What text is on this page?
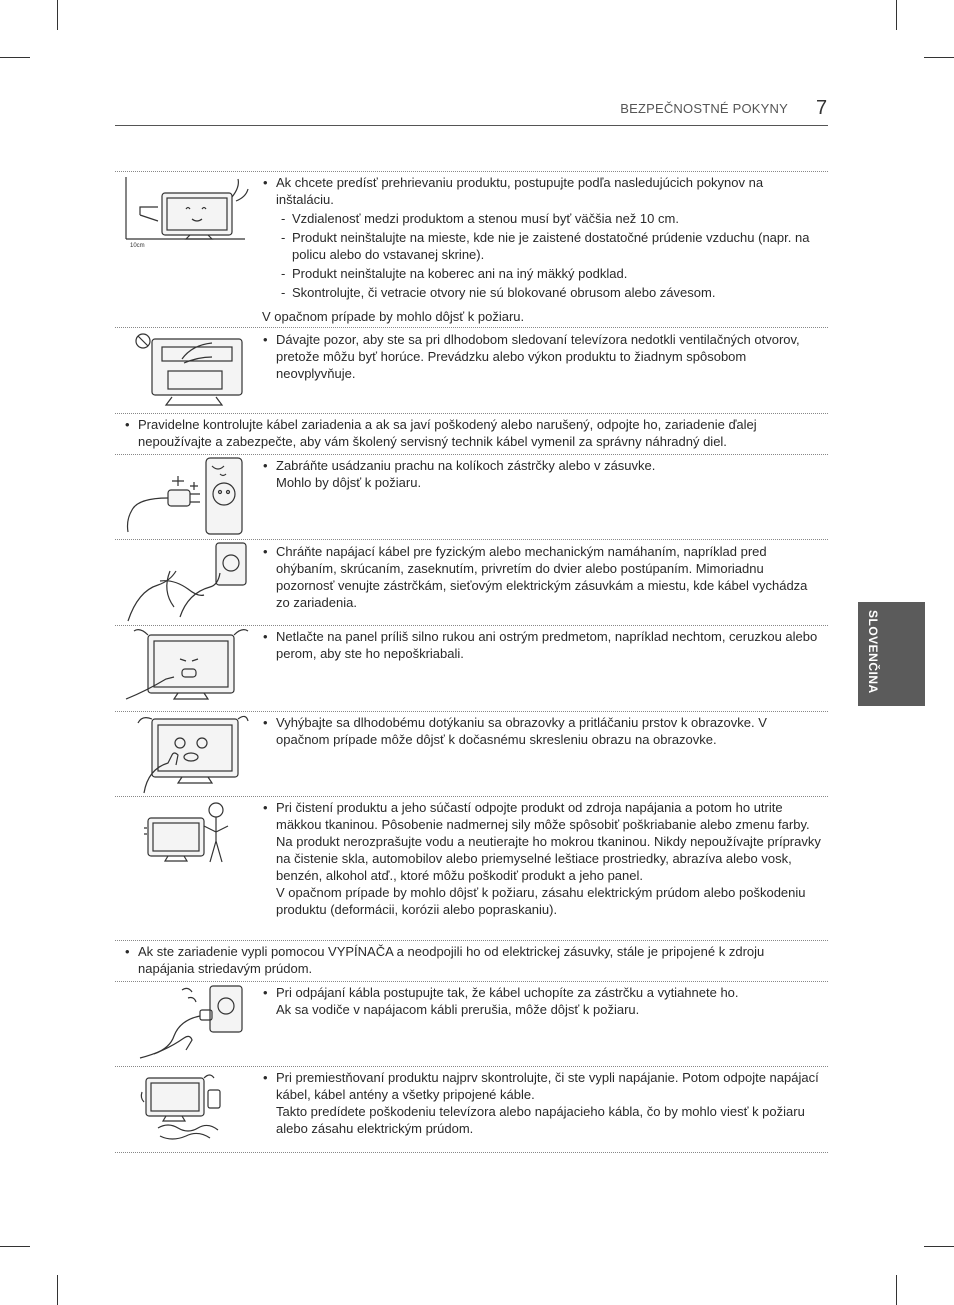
BEZPEČNOSTNÉ POKYNY 7
SLOVENČINA
10cm

• Ak chcete predísť prehrievaniu produktu, postupujte podľa nasledujúcich pokynov na inštaláciu.

- Vzdialenosť medzi produktom a stenou musí byť väčšia než 10 cm.
- Produkt neinštalujte na mieste, kde nie je zaistené dostatočné prúdenie vzduchu (napr. na policu alebo do vstavanej skrine).
- Produkt neinštalujte na koberec ani na iný mäkký podklad.
- Skontrolujte, či vetracie otvory nie sú blokované obrusom alebo závesom.
V opačnom prípade by mohlo dôjsť k požiaru.

• Dávajte pozor, aby ste sa pri dlhodobom sledovaní televízora nedotkli ventilačných otvorov, pretože môžu byť horúce. Prevádzku alebo výkon produktu to žiadnym spôsobom neovplyvňuje.

• Pravidelne kontrolujte kábel zariadenia a ak sa javí poškodený alebo narušený, odpojte ho, zariadenie ďalej nepoužívajte a zabezpečte, aby vám školený servisný technik kábel vymenil za správny náhradný diel.

• Zabráňte usádzaniu prachu na kolíkoch zástrčky alebo v zásuvke.

Mohlo by dôjsť k požiaru.

• Chráňte napájací kábel pre fyzickým alebo mechanickým namáhaním, napríklad pred ohýbaním, skrúcaním, zaseknutím, privretím do dvier alebo postúpaním. Mimoriadnu pozornosť venujte zástrčkám, sieťovým elektrickým zásuvkám a miestu, kde kábel vychádza zo zariadenia.

• Netlačte na panel príliš silno rukou ani ostrým predmetom, napríklad nechtom, ceruzkou alebo perom, aby ste ho nepoškriabali.

• Vyhýbajte sa dlhodobému dotýkaniu sa obrazovky a pritláčaniu prstov k obrazovke. V opačnom prípade môže dôjsť k dočasnému skresleniu obrazu na obrazovke.

• Pri čistení produktu a jeho súčastí odpojte produkt od zdroja napájania a potom ho utrite mäkkou tkaninou. Pôsobenie nadmernej sily môže spôsobiť poškriabanie alebo zmenu farby. Na produkt nerozprašujte vodu a neutierajte ho mokrou tkaninou. Nikdy nepoužívajte prípravky na čistenie skla, automobilov alebo priemyselné leštiace prostriedky, abrazíva alebo vosk, benzén, alkohol atď., ktoré môžu poškodiť produkt a jeho panel.

V opačnom prípade by mohlo dôjsť k požiaru, zásahu elektrickým prúdom alebo poškodeniu produktu (deformácii, korózii alebo popraskaniu).

• Ak ste zariadenie vypli pomocou VYPÍNAČA a neodpojili ho od elektrickej zásuvky, stále je pripojené k zdroju napájania striedavým prúdom.

• Pri odpájaní kábla postupujte tak, že kábel uchopíte za zástrčku a vytiahnete ho.

Ak sa vodiče v napájacom kábli prerušia, môže dôjsť k požiaru.

• Pri premiestňovaní produktu najprv skontrolujte, či ste vypli napájanie. Potom odpojte napájací kábel, kábel antény a všetky pripojené káble.

Takto predídete poškodeniu televízora alebo napájacieho kábla, čo by mohlo viesť k požiaru alebo zásahu elektrickým prúdom.
